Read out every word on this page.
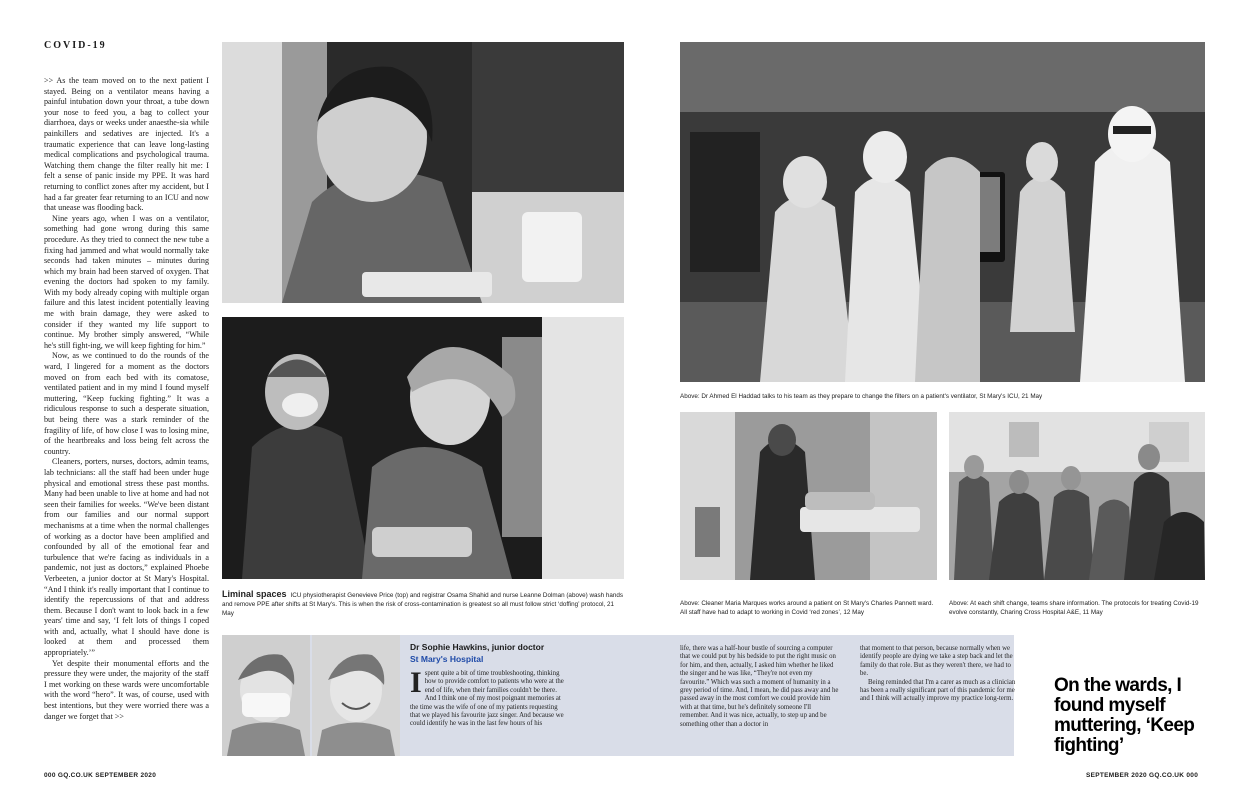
COVID-19

>> As the team moved on to the next patient I stayed. Being on a ventilator means having a painful intubation down your throat, a tube down your nose to feed you, a bag to collect your diarrhoea, days or weeks under anaesthe-sia while painkillers and sedatives are injected. It's a traumatic experience that can leave long-lasting medical complications and psychological trauma. Watching them change the filter really hit me: I felt a sense of panic inside my PPE. It was hard returning to conflict zones after my accident, but I had a far greater fear returning to an ICU and now that unease was flooding back.

Nine years ago, when I was on a ventilator, something had gone wrong during this same procedure. As they tried to connect the new tube a fixing had jammed and what would normally take seconds had taken minutes – minutes during which my brain had been starved of oxygen. That evening the doctors had spoken to my family. With my body already coping with multiple organ failure and this latest incident potentially leaving me with brain damage, they were asked to consider if they wanted my life support to continue. My brother simply answered, “While he's still fight-ing, we will keep fighting for him.”

Now, as we continued to do the rounds of the ward, I lingered for a moment as the doctors moved on from each bed with its comatose, ventilated patient and in my mind I found myself muttering, “Keep fucking fighting.” It was a ridiculous response to such a desperate situation, but being there was a stark reminder of the fragility of life, of how close I was to losing mine, of the heartbreaks and loss being felt across the country.

Cleaners, porters, nurses, doctors, admin teams, lab technicians: all the staff had been under huge physical and emotional stress these past months. Many had been unable to live at home and had not seen their families for weeks. “We've been distant from our families and our normal support mechanisms at a time when the normal challenges of working as a doctor have been amplified and confounded by all of the emotional fear and turbulence that we're facing as individuals in a pandemic, not just as doctors,” explained Phoebe Verbeeten, a junior doctor at St Mary's Hospital. “And I think it's really important that I continue to identify the repercussions of that and address them. Because I don't want to look back in a few years' time and say, ‘I felt lots of things I coped with and, actually, what I should have done is looked at them and processed them appropriately.’”

Yet despite their monumental efforts and the pressure they were under, the majority of the staff I met working on these wards were uncomfortable with the word “hero”. It was, of course, used with best intentions, but they were worried there was a danger we forget that >>

Liminal spaces ICU physiotherapist Genevieve Price (top) and registrar Osama Shahid and nurse Leanne Dolman (above) wash hands and remove PPE after shifts at St Mary's. This is when the risk of cross-contamination is greatest so all must follow strict ‘doffing’ protocol, 21 May
Above: Dr Ahmed El Haddad talks to his team as they prepare to change the filters on a patient's ventilator, St Mary's ICU, 21 May
Above: Cleaner Maria Marques works around a patient on St Mary's Charles Pannett ward. All staff have had to adapt to working in Covid ‘red zones’, 12 May
Above: At each shift change, teams share information. The protocols for treating Covid-19 evolve constantly, Charing Cross Hospital A&E, 11 May
Dr Sophie Hawkins, junior doctor
St Mary's Hospital
Ispent quite a bit of time troubleshooting, thinking how to provide comfort to patients who were at the end of life, when their families couldn't be there. And I think one of my most poignant memories at the time was the wife of one of my patients requesting that we played his favourite jazz singer. And because we could identify he was in the last few hours of his
life, there was a half-hour bustle of sourcing a computer that we could put by his bedside to put the right music on for him, and then, actually, I asked him whether he liked the singer and he was like, “They're not even my favourite.” Which was such a moment of humanity in a grey period of time. And, I mean, he did pass away and he passed away in the most comfort we could provide him with at that time, but he's definitely someone I'll remember. And it was nice, actually, to step up and be something other than a doctor in

that moment to that person, because normally when we identify people are dying we take a step back and let the family do that role. But as they weren't there, we had to be.

Being reminded that I'm a carer as much as a clinician has been a really significant part of this pandemic for me and I think will actually improve my practice long-term.

On the wards, I found myself muttering, ‘Keep fighting’
000 GQ.CO.UK SEPTEMBER 2020	SEPTEMBER 2020 GQ.CO.UK 000
